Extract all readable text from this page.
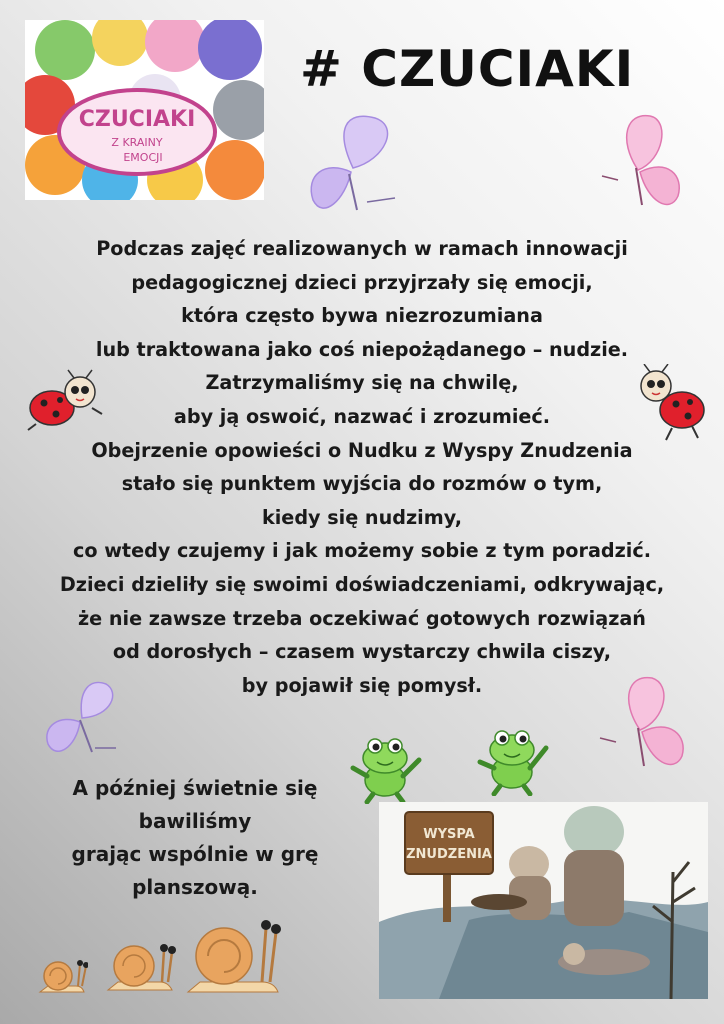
CZUCIAKI
Z KRAINY
EMOCJI
# CZUCIAKI
Podczas zajęć realizowanych w ramach innowacji
pedagogicznej dzieci przyjrzały się emocji,
która często bywa niezrozumiana
lub traktowana jako coś niepożądanego – nudzie.
Zatrzymaliśmy się na chwilę,
aby ją oswoić, nazwać i zrozumieć.
Obejrzenie opowieści o Nudku z Wyspy Znudzenia
stało się punktem wyjścia do rozmów o tym,
kiedy się nudzimy,
co wtedy czujemy i jak możemy sobie z tym poradzić.
Dzieci dzieliły się swoimi doświadczeniami, odkrywając,
że nie zawsze trzeba oczekiwać gotowych rozwiązań
od dorosłych – czasem wystarczy chwila ciszy,
by pojawił się pomysł.
A później świetnie się
bawiliśmy
grając wspólnie w grę
planszową.
WYSPA
ZNUDZENIA
